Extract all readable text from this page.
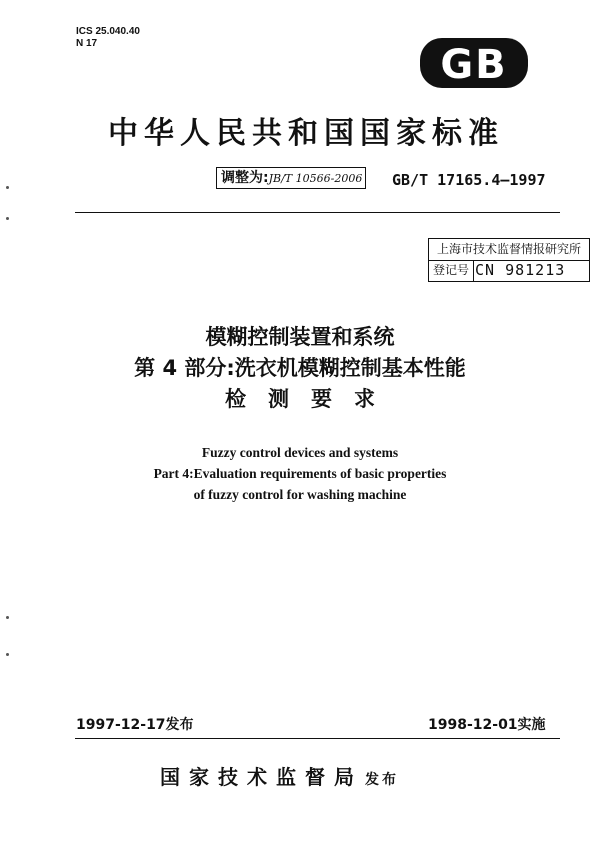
ICS 25.040.40
N 17	GB
中华人民共和国国家标准
调整为:JB/T 10566-2006 GB/T 17165.4—1997
上海市技术监督情报研究所
登记号 CN 981213
模糊控制装置和系统
第 4 部分:洗衣机模糊控制基本性能
检测要求
Fuzzy control devices and systems
Part 4:Evaluation requirements of basic properties
of fuzzy control for washing machine
1997-12-17发布	1998-12-01实施
国家技术监督局 发布
